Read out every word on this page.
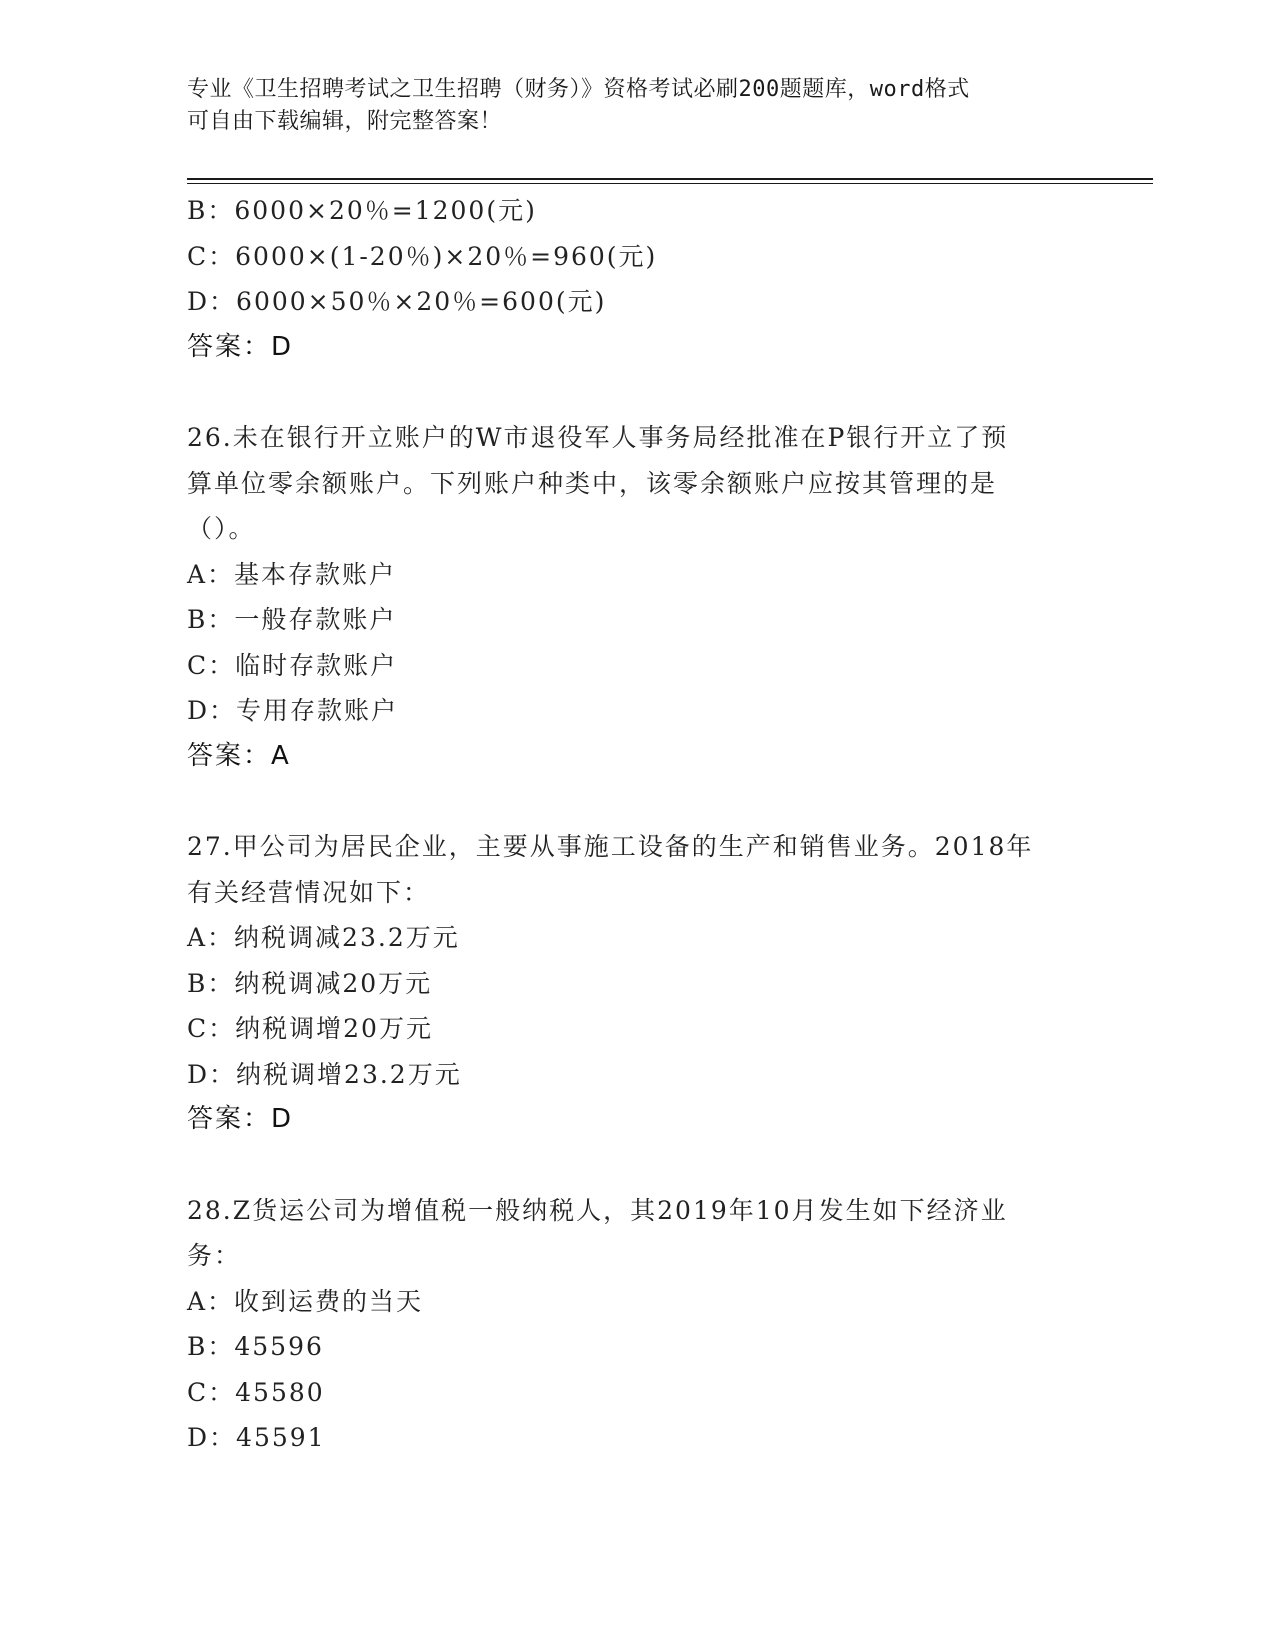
专业《卫生招聘考试之卫生招聘（财务）》资格考试必刷200题题库，word格式
可自由下载编辑，附完整答案！
B：6000×20％=1200(元)
C：6000×(1-20％)×20％=960(元)
D：6000×50％×20％=600(元)
答案：D
26.未在银行开立账户的W市退役军人事务局经批准在P银行开立了预
算单位零余额账户。下列账户种类中，该零余额账户应按其管理的是
（）。
A：基本存款账户
B：一般存款账户
C：临时存款账户
D：专用存款账户
答案：A
27.甲公司为居民企业，主要从事施工设备的生产和销售业务。2018年
有关经营情况如下：
A：纳税调减23.2万元
B：纳税调减20万元
C：纳税调增20万元
D：纳税调增23.2万元
答案：D
28.Z货运公司为增值税一般纳税人，其2019年10月发生如下经济业
务：
A：收到运费的当天
B：45596
C：45580
D：45591
